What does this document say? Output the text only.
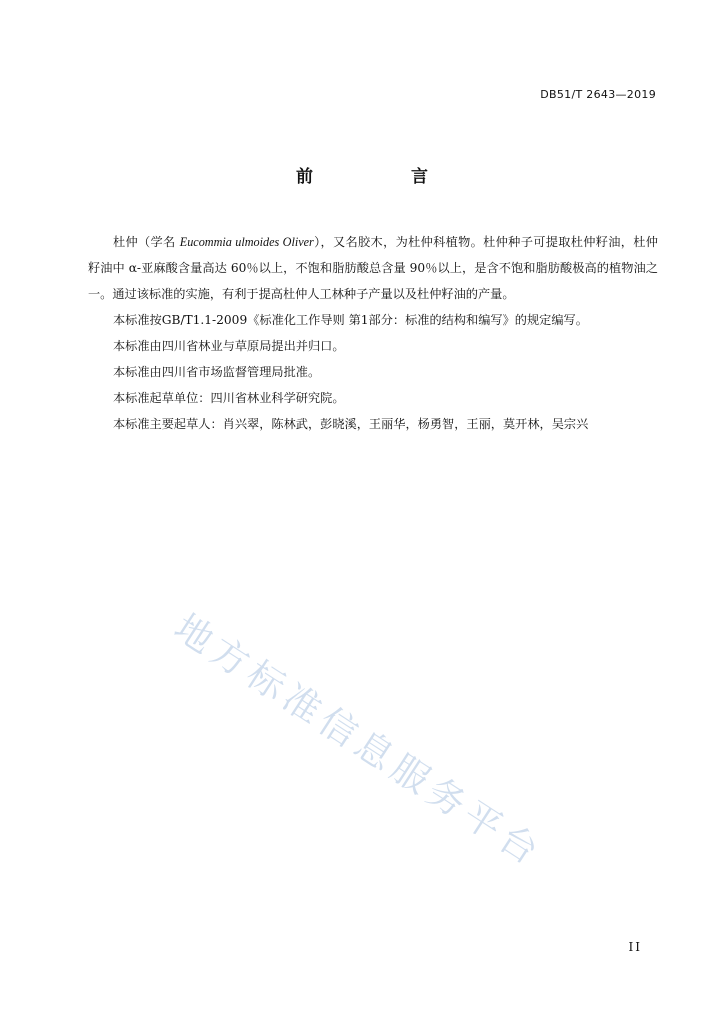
DB51/T 2643—2019
前 言

杜仲（学名 Eucommia ulmoides Oliver），又名胶木，为杜仲科植物。杜仲种子可提取杜仲籽油，杜仲籽油中 α-亚麻酸含量高达 60％以上，不饱和脂肪酸总含量 90％以上，是含不饱和脂肪酸极高的植物油之一。通过该标准的实施，有利于提高杜仲人工林种子产量以及杜仲籽油的产量。

本标准按GB/T1.1-2009《标准化工作导则 第1部分：标准的结构和编写》的规定编写。

本标准由四川省林业与草原局提出并归口。

本标准由四川省市场监督管理局批准。

本标准起草单位：四川省林业科学研究院。

本标准主要起草人：肖兴翠，陈林武，彭晓溪，王丽华，杨勇智，王丽，莫开林，吴宗兴

地方标准信息服务平台
II
